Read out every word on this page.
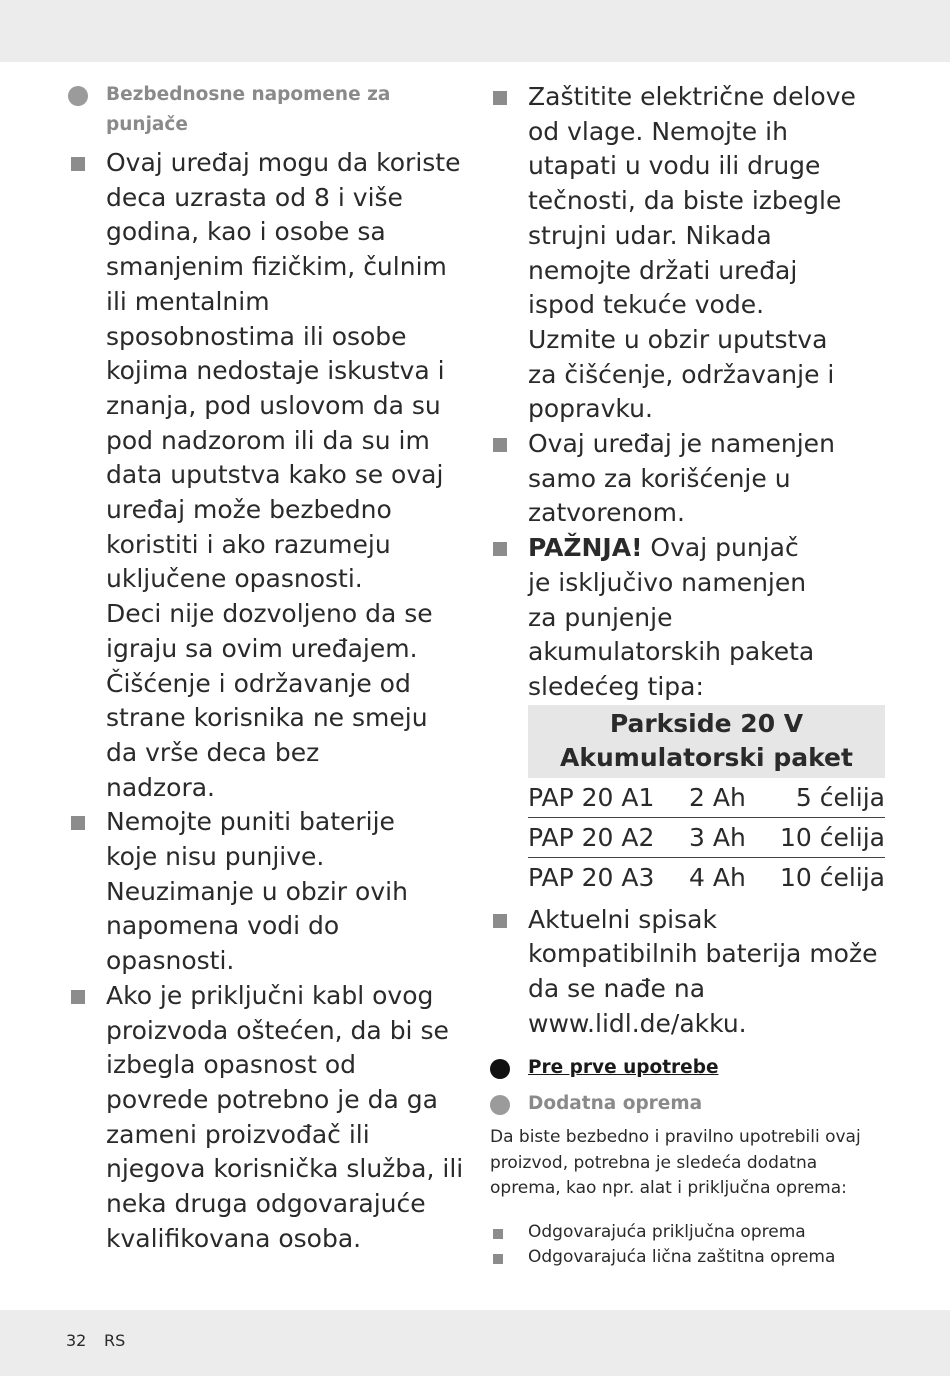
Bezbednosne napomene za punjače

Ovaj uređaj mogu da koriste deca uzrasta od 8 i više godina, kao i osobe sa smanjenim fizičkim, čulnim ili mentalnim sposobnostima ili osobe kojima nedostaje iskustva i znanja, pod uslovom da su pod nadzorom ili da su im data uputstva kako se ovaj uređaj može bezbedno koristiti i ako razumeju uključene opasnosti.

Deci nije dozvoljeno da se igraju sa ovim uređajem. Čišćenje i održavanje od strane korisnika ne smeju da vrše deca bez nadzora.

Nemojte puniti baterije koje nisu punjive. Neuzimanje u obzir ovih napomena vodi do opasnosti.
Ako je priključni kabl ovog proizvoda oštećen, da bi se izbegla opasnost od povrede potrebno je da ga zameni proizvođač ili njegova korisnička služba, ili neka druga odgovarajuće kvalifikovana osoba.
Zaštitite električne delove od vlage. Nemojte ih utapati u vodu ili druge tečnosti, da biste izbegle strujni udar. Nikada nemojte držati uređaj ispod tekuće vode. Uzmite u obzir uputstva za čišćenje, održavanje i popravku.
Ovaj uređaj je namenjen samo za korišćenje u zatvorenom.
PAŽNJA! Ovaj punjač je isključivo namenjen za punjenje akumulatorskih paketa sledećeg tipa:
Parkside 20 V
Akumulatorski paket
PAP 20 A1 2 Ah 5 ćelija
PAP 20 A2 3 Ah 10 ćelija
PAP 20 A3 4 Ah 10 ćelija
Aktuelni spisak kompatibilnih baterija može da se nađe na www.lidl.de/akku.
Pre prve upotrebe
Dodatna oprema
Da biste bezbedno i pravilno upotrebili ovaj proizvod, potrebna je sledeća dodatna oprema, kao npr. alat i priključna oprema:
Odgovarajuća priključna oprema
Odgovarajuća lična zaštitna oprema
32 RS
